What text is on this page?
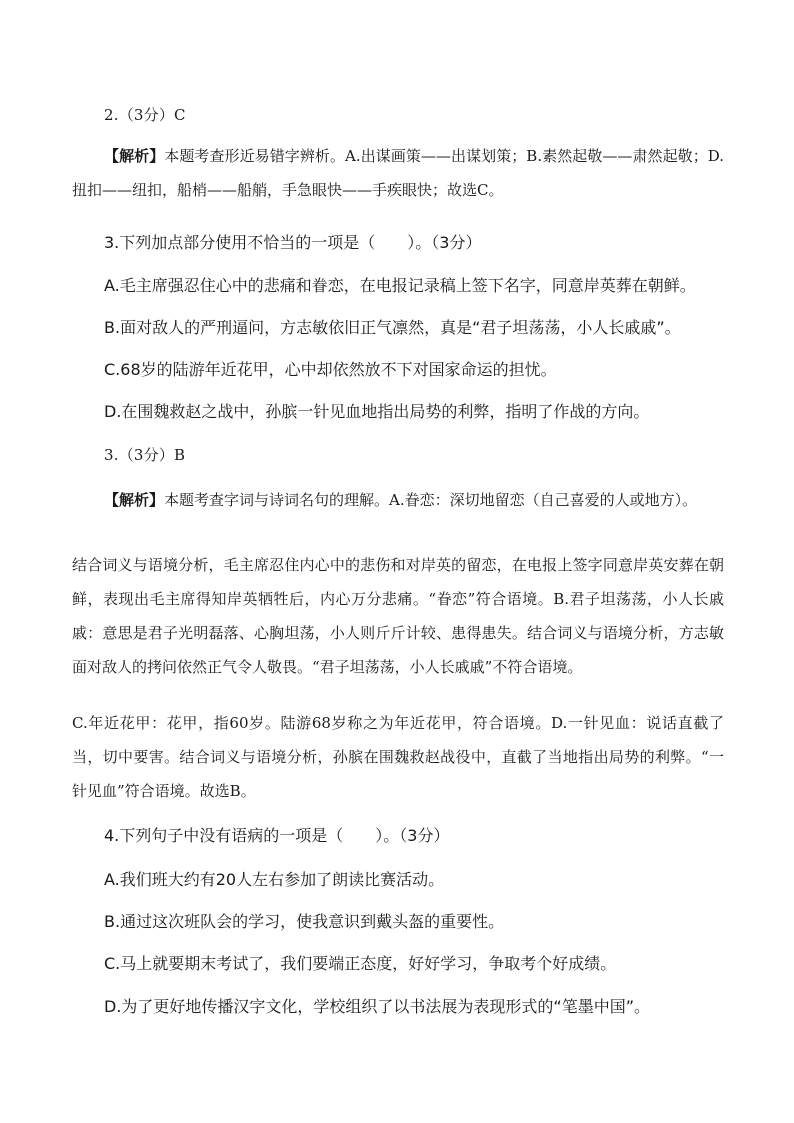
2.（3分）C
【解析】本题考查形近易错字辨析。A.出谋画策——出谋划策；B.素然起敬——肃然起敬；D.扭扣——纽扣，船梢——船艄，手急眼快——手疾眼快；故选C。
3.下列加点部分使用不恰当的一项是（　　）。（3分）
A.毛主席强忍住心中的悲痛和眷恋，在电报记录稿上签下名字，同意岸英葬在朝鲜。
B.面对敌人的严刑逼问，方志敏依旧正气凛然，真是“君子坦荡荡，小人长戚戚”。
C.68岁的陆游年近花甲，心中却依然放不下对国家命运的担忧。
D.在围魏救赵之战中，孙膑一针见血地指出局势的利弊，指明了作战的方向。
3.（3分）B
【解析】本题考查字词与诗词名句的理解。A.眷恋：深切地留恋（自己喜爱的人或地方）。
结合词义与语境分析，毛主席忍住内心中的悲伤和对岸英的留恋，在电报上签字同意岸英安葬在朝鲜，表现出毛主席得知岸英牺牲后，内心万分悲痛。“眷恋”符合语境。B.君子坦荡荡，小人长戚戚：意思是君子光明磊落、心胸坦荡，小人则斤斤计较、患得患失。结合词义与语境分析，方志敏面对敌人的拷问依然正气令人敬畏。“君子坦荡荡，小人长戚戚”不符合语境。
C.年近花甲：花甲，指60岁。陆游68岁称之为年近花甲，符合语境。D.一针见血：说话直截了当，切中要害。结合词义与语境分析，孙膑在围魏救赵战役中，直截了当地指出局势的利弊。“一针见血”符合语境。故选B。
4.下列句子中没有语病的一项是（　　）。（3分）
A.我们班大约有20人左右参加了朗读比赛活动。
B.通过这次班队会的学习，使我意识到戴头盔的重要性。
C.马上就要期末考试了，我们要端正态度，好好学习，争取考个好成绩。
D.为了更好地传播汉字文化，学校组织了以书法展为表现形式的“笔墨中国”。
